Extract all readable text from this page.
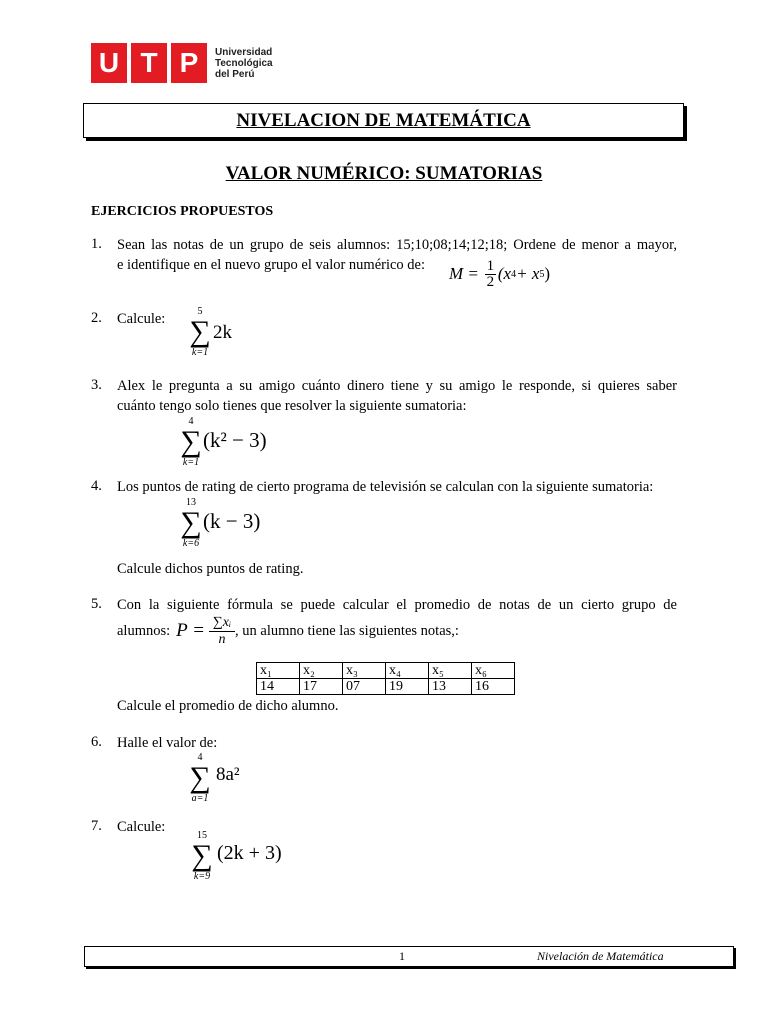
U T P	Universidad
Tecnológica
del Perú
NIVELACION DE MATEMÁTICA
VALOR NUMÉRICO: SUMATORIAS
EJERCICIOS PROPUESTOS
1. Sean las notas de un grupo de seis alumnos: 15;10;08;14;12;18; Ordene de menor a mayor,
e identifique en el nuevo grupo el valor numérico de: $M = \frac{1}{2} (x$ 4 + x 5 )
2. Calcule:	5
∑
k=1
2k
3. Alex le pregunta a su amigo cuánto dinero tiene y su amigo le responde, si quieres saber
cuánto tengo solo tienes que resolver la siguiente sumatoria:
4
∑
k=1
(k² − 3)
4. Los puntos de rating de cierto programa de televisión se calculan con la siguiente sumatoria:
13
∑
k=6
(k − 3)
Calcule dichos puntos de rating.
5. Con la siguiente fórmula se puede calcular el promedio de notas de un cierto grupo de
alumnos: $P = \frac{\text{∑xᵢ}}{n}$ , un alumno tiene las siguientes notas,:
x₁	x₂	x₃	x₄	x₅	x₆
14	17	07	19	13	16
Calcule el promedio de dicho alumno.
6. Halle el valor de:
4
∑
a=1
8a²
7. Calcule:
15
∑
k=9
(2k + 3)
1	Nivelación de Matemática
